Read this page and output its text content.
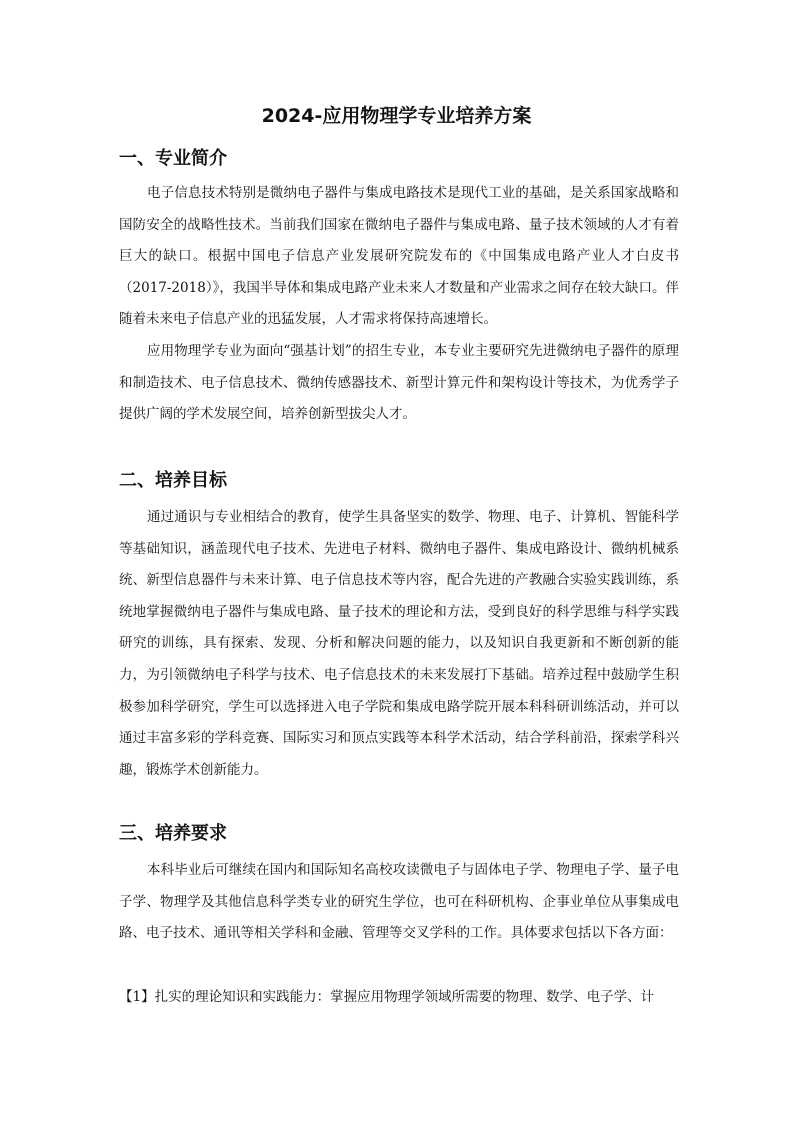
2024-应用物理学专业培养方案
一、专业简介

电子信息技术特别是微纳电子器件与集成电路技术是现代工业的基础，是关系国家战略和国防安全的战略性技术。当前我们国家在微纳电子器件与集成电路、量子技术领域的人才有着巨大的缺口。根据中国电子信息产业发展研究院发布的《中国集成电路产业人才白皮书（2017-2018）》，我国半导体和集成电路产业未来人才数量和产业需求之间存在较大缺口。伴随着未来电子信息产业的迅猛发展，人才需求将保持高速增长。

应用物理学专业为面向“强基计划”的招生专业，本专业主要研究先进微纳电子器件的原理和制造技术、电子信息技术、微纳传感器技术、新型计算元件和架构设计等技术，为优秀学子提供广阔的学术发展空间，培养创新型拔尖人才。

二、培养目标

通过通识与专业相结合的教育，使学生具备坚实的数学、物理、电子、计算机、智能科学等基础知识，涵盖现代电子技术、先进电子材料、微纳电子器件、集成电路设计、微纳机械系统、新型信息器件与未来计算、电子信息技术等内容，配合先进的产教融合实验实践训练，系统地掌握微纳电子器件与集成电路、量子技术的理论和方法，受到良好的科学思维与科学实践研究的训练，具有探索、发现、分析和解决问题的能力，以及知识自我更新和不断创新的能力，为引领微纳电子科学与技术、电子信息技术的未来发展打下基础。培养过程中鼓励学生积极参加科学研究，学生可以选择进入电子学院和集成电路学院开展本科科研训练活动，并可以通过丰富多彩的学科竞赛、国际实习和顶点实践等本科学术活动，结合学科前沿，探索学科兴趣，锻炼学术创新能力。

三、培养要求

本科毕业后可继续在国内和国际知名高校攻读微电子与固体电子学、物理电子学、量子电子学、物理学及其他信息科学类专业的研究生学位，也可在科研机构、企事业单位从事集成电路、电子技术、通讯等相关学科和金融、管理等交叉学科的工作。具体要求包括以下各方面：

【1】扎实的理论知识和实践能力：掌握应用物理学领域所需要的物理、数学、电子学、计
